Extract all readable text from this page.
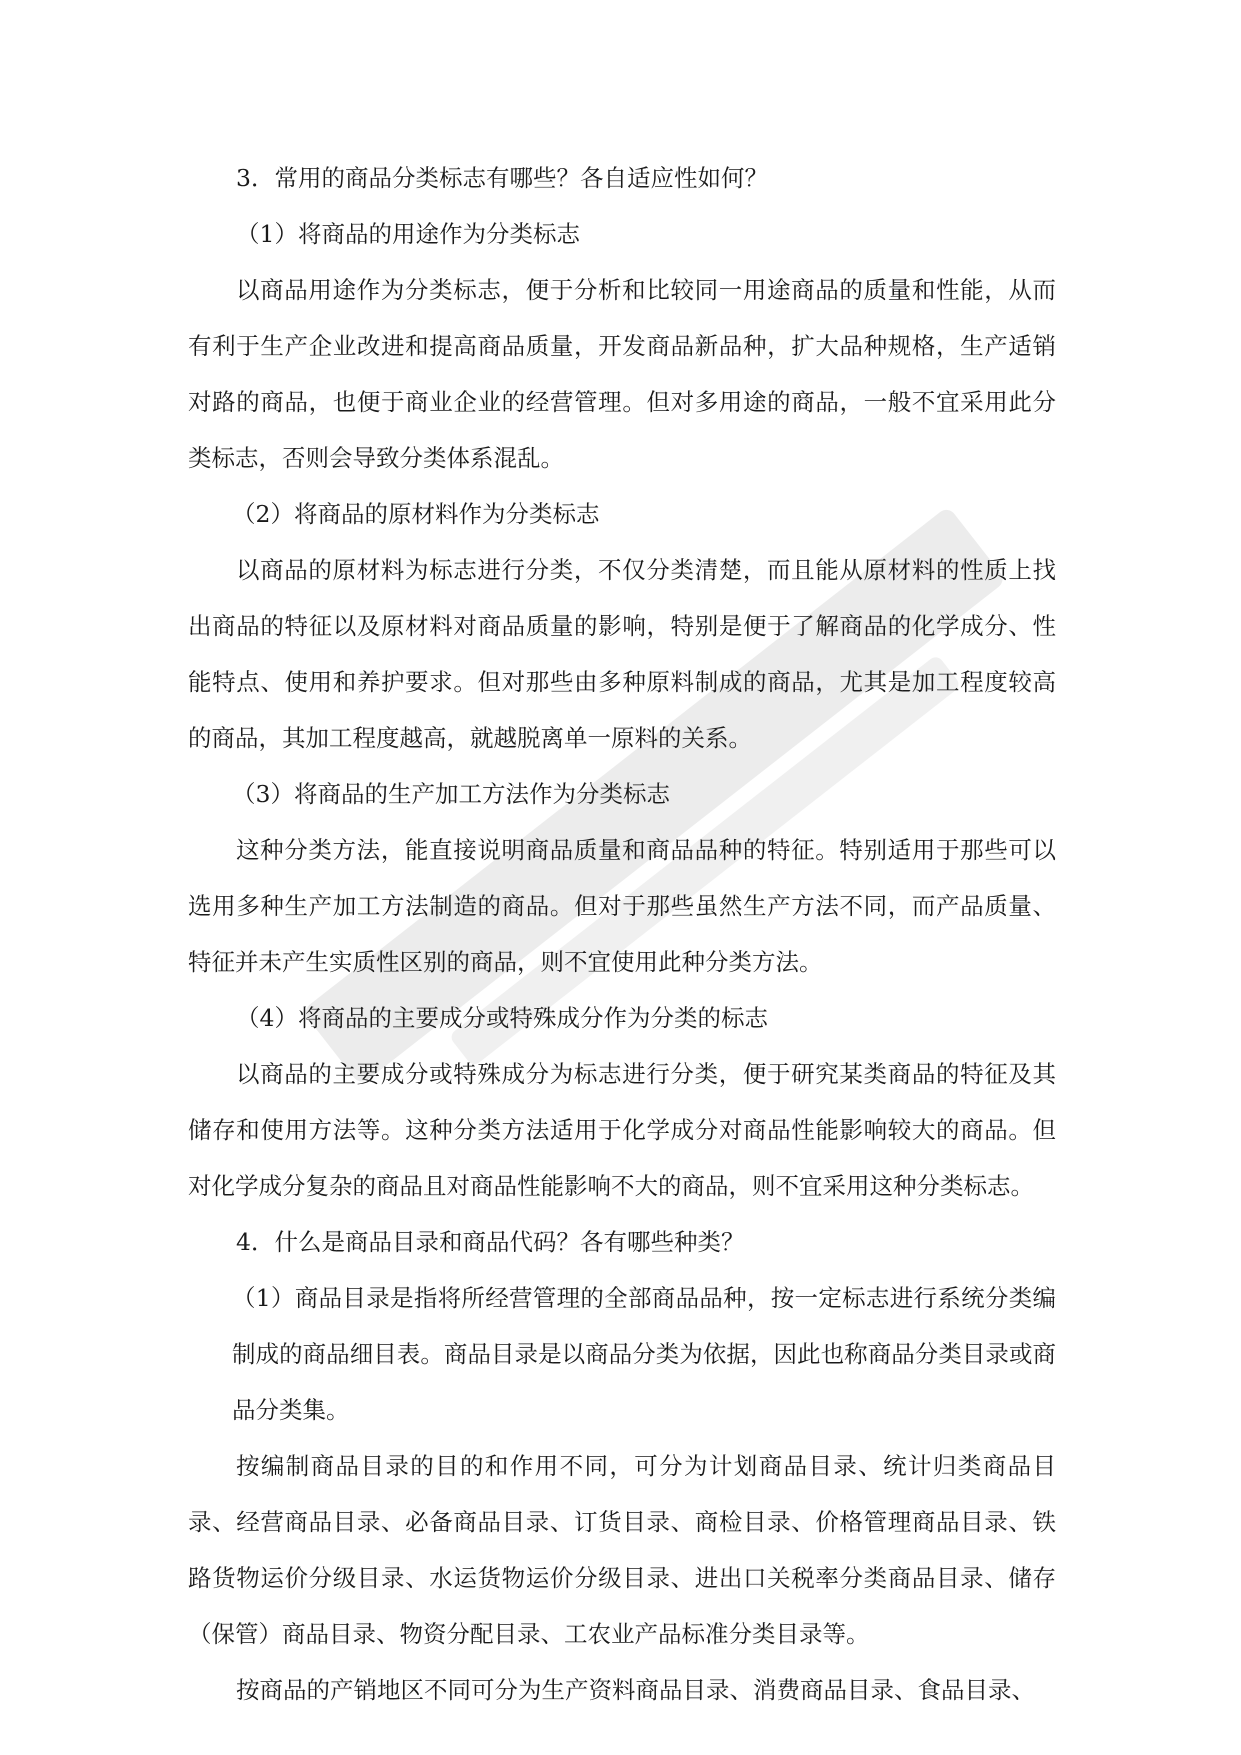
3．常用的商品分类标志有哪些？各自适应性如何？

（1）将商品的用途作为分类标志

以商品用途作为分类标志，便于分析和比较同一用途商品的质量和性能，从而有利于生产企业改进和提高商品质量，开发商品新品种，扩大品种规格，生产适销对路的商品，也便于商业企业的经营管理。但对多用途的商品，一般不宜采用此分类标志，否则会导致分类体系混乱。

（2）将商品的原材料作为分类标志

以商品的原材料为标志进行分类，不仅分类清楚，而且能从原材料的性质上找出商品的特征以及原材料对商品质量的影响，特别是便于了解商品的化学成分、性能特点、使用和养护要求。但对那些由多种原料制成的商品，尤其是加工程度较高的商品，其加工程度越高，就越脱离单一原料的关系。

（3）将商品的生产加工方法作为分类标志

这种分类方法，能直接说明商品质量和商品品种的特征。特别适用于那些可以选用多种生产加工方法制造的商品。但对于那些虽然生产方法不同，而产品质量、特征并未产生实质性区别的商品，则不宜使用此种分类方法。

（4）将商品的主要成分或特殊成分作为分类的标志

以商品的主要成分或特殊成分为标志进行分类，便于研究某类商品的特征及其储存和使用方法等。这种分类方法适用于化学成分对商品性能影响较大的商品。但对化学成分复杂的商品且对商品性能影响不大的商品，则不宜采用这种分类标志。

4．什么是商品目录和商品代码？各有哪些种类？

（1）商品目录是指将所经营管理的全部商品品种，按一定标志进行系统分类编制成的商品细目表。商品目录是以商品分类为依据，因此也称商品分类目录或商品分类集。

按编制商品目录的目的和作用不同，可分为计划商品目录、统计归类商品目录、经营商品目录、必备商品目录、订货目录、商检目录、价格管理商品目录、铁路货物运价分级目录、水运货物运价分级目录、进出口关税率分类商品目录、储存（保管）商品目录、物资分配目录、工农业产品标准分类目录等。

按商品的产销地区不同可分为生产资料商品目录、消费商品目录、食品目录、
